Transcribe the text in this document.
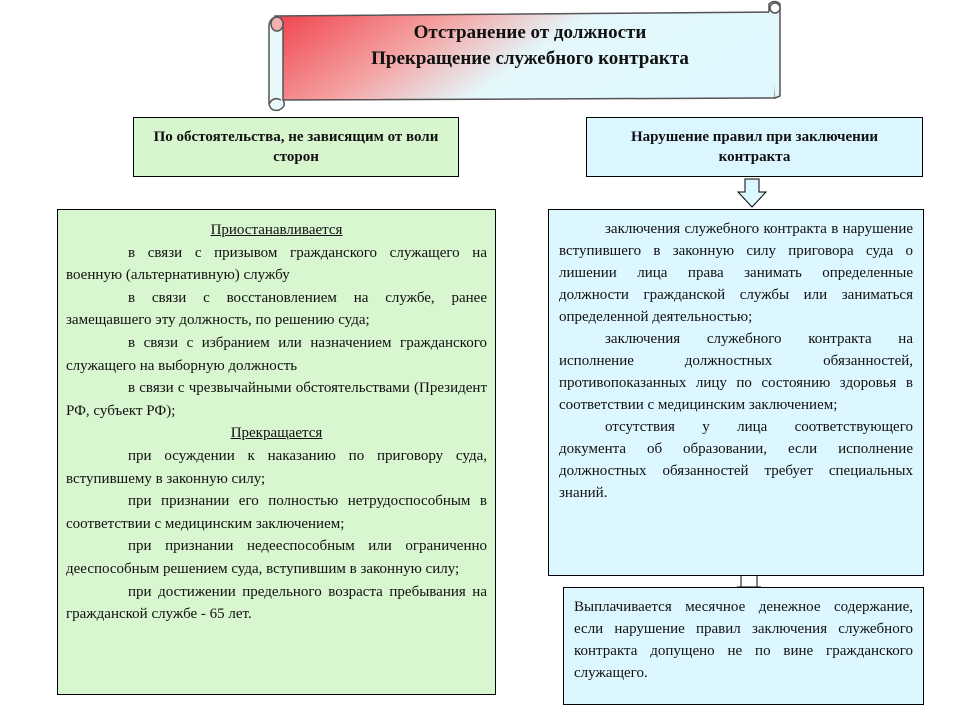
Отстранение от должности
Прекращение служебного контракта
По обстоятельства, не зависящим от воли сторон
Нарушение правил при заключении контракта

Приостанавливается

в связи с призывом гражданского служащего на военную (альтернативную) службу

в связи с восстановлением на службе, ранее замещавшего эту должность, по решению суда;

в связи с избранием или назначением гражданского служащего на выборную должность

в связи с чрезвычайными обстоятельствами (Президент РФ, субъект РФ);

Прекращается

при осуждении к наказанию по приговору суда, вступившему в законную силу;

при признании его полностью нетрудоспособным в соответствии с медицинским заключением;

при признании недееспособным или ограниченно дееспособным решением суда, вступившим в законную силу;

при достижении предельного возраста пребывания на гражданской службе - 65 лет.

заключения служебного контракта в нарушение вступившего в законную силу приговора суда о лишении лица права занимать определенные должности гражданской службы или заниматься определенной деятельностью;

заключения служебного контракта на исполнение должностных обязанностей, противопоказанных лицу по состоянию здоровья в соответствии с медицинским заключением;

отсутствия у лица соответствующего документа об образовании, если исполнение должностных обязанностей требует специальных знаний.

Выплачивается месячное денежное содержание, если нарушение правил заключения служебного контракта допущено не по вине гражданского служащего.
